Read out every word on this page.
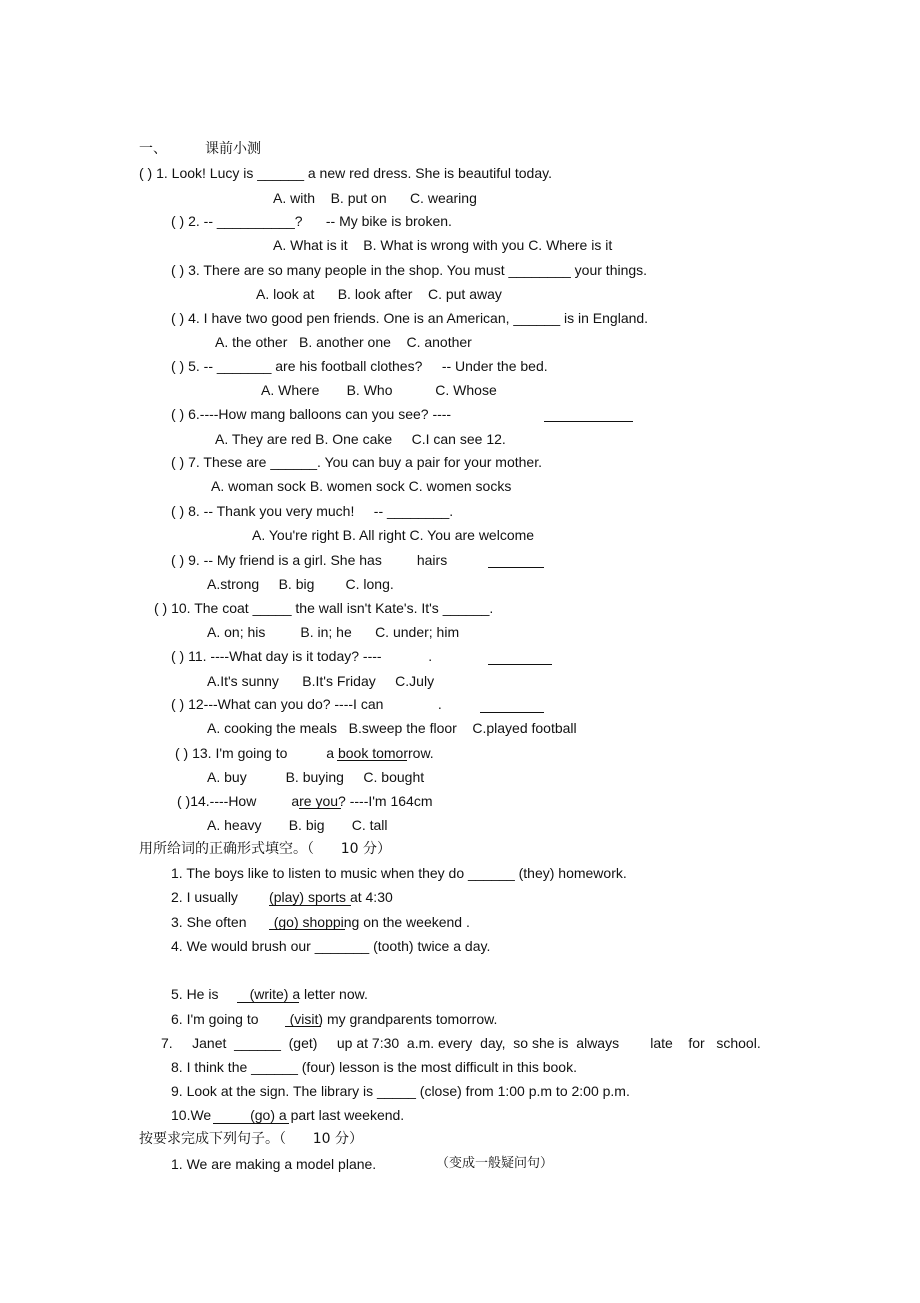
一、	课前小测
( ) 1. Look! Lucy is ______ a new red dress. She is beautiful today.
A. with    B. put on      C. wearing
( ) 2. -- __________?      -- My bike is broken.
A. What is it    B. What is wrong with you C. Where is it
( ) 3. There are so many people in the shop. You must ________ your things.
A. look at      B. look after    C. put away
( ) 4. I have two good pen friends. One is an American, ______ is in England.
A. the other   B. another one    C. another
( ) 5. -- _______ are his football clothes?     -- Under the bed.
A. Where       B. Who           C. Whose
( ) 6.----How mang balloons can you see? ----
A. They are red B. One cake     C.I can see 12.
( ) 7. These are ______. You can buy a pair for your mother.
A. woman sock B. women sock C. women socks
( ) 8. -- Thank you very much!     -- ________.
A. You're right B. All right C. You are welcome
( ) 9. -- My friend is a girl. She has         hairs
A.strong     B. big        C. long.
( ) 10. The coat _____ the wall isn't Kate's. It's ______.
A. on; his         B. in; he      C. under; him
( ) 11. ----What day is it today? ----            .
A.It's sunny      B.It's Friday     C.July
( ) 12---What can you do? ----I can              .
A. cooking the meals   B.sweep the floor    C.played football
( ) 13. I'm going to          a book tomorrow.
A. buy          B. buying     C. bought
( )14.----How         are you? ----I'm 164cm
A. heavy       B. big       C. tall
用所给词的正确形式填空。（      10 分）
1. The boys like to listen to music when they do ______ (they) homework.
2. I usually        (play) sports at 4:30
3. She often       (go) shopping on the weekend .
4. We would brush our _______ (tooth) twice a day.
5. He is        (write) a letter now.
6. I'm going to        (visit) my grandparents tomorrow.
7.     Janet  ______  (get)     up at 7:30  a.m. every  day,  so she is  always        late    for   school.
8. I think the ______ (four) lesson is the most difficult in this book.
9. Look at the sign. The library is _____ (close) from 1:00 p.m to 2:00 p.m.
10.We          (go) a part last weekend.
按要求完成下列句子。（      10 分）
1. We are making a model plane.	（变成一般疑问句）
